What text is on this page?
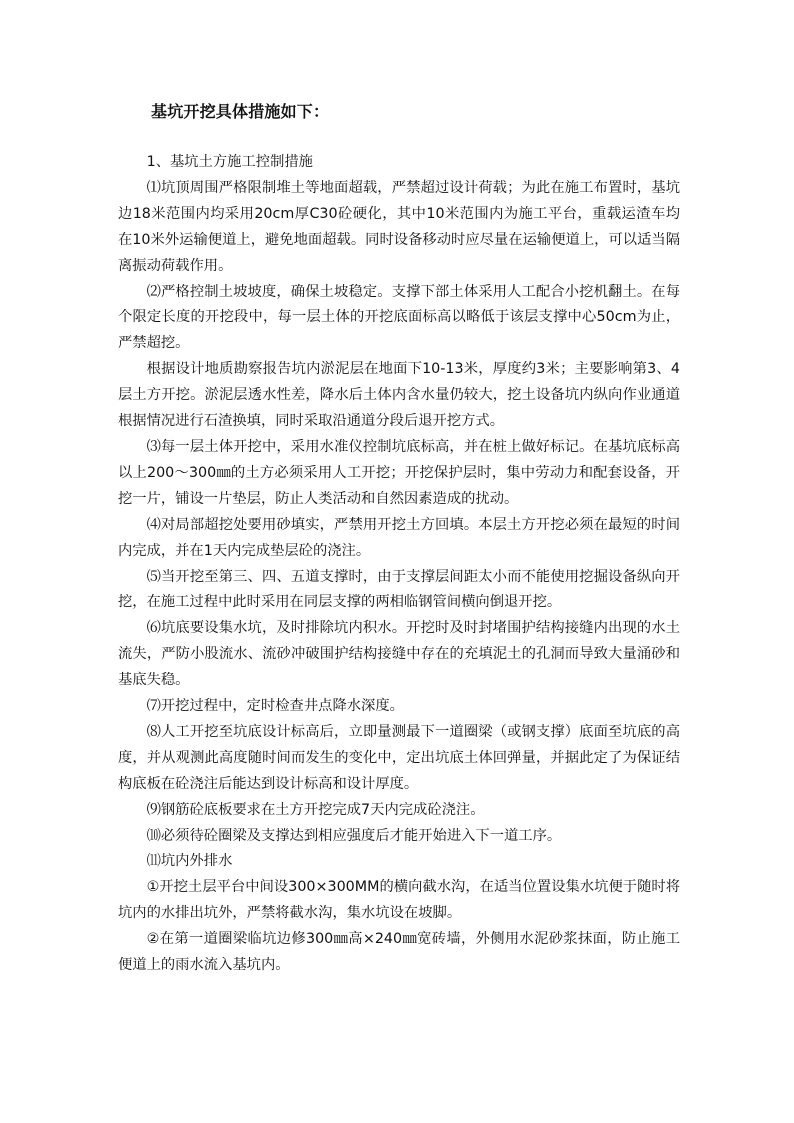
基坑开挖具体措施如下：

1、基坑土方施工控制措施

⑴坑顶周围严格限制堆土等地面超载，严禁超过设计荷载；为此在施工布置时，基坑边18米范围内均采用20cm厚C30砼硬化，其中10米范围内为施工平台，重载运渣车均在10米外运输便道上，避免地面超载。同时设备移动时应尽量在运输便道上，可以适当隔离振动荷载作用。

⑵严格控制土坡坡度，确保土坡稳定。支撑下部土体采用人工配合小挖机翻土。在每个限定长度的开挖段中，每一层土体的开挖底面标高以略低于该层支撑中心50cm为止，严禁超挖。

根据设计地质勘察报告坑内淤泥层在地面下10-13米，厚度约3米；主要影响第3、4层土方开挖。淤泥层透水性差，降水后土体内含水量仍较大，挖土设备坑内纵向作业通道根据情况进行石渣换填，同时采取沿通道分段后退开挖方式。

⑶每一层土体开挖中，采用水准仪控制坑底标高，并在桩上做好标记。在基坑底标高以上200～300㎜的土方必须采用人工开挖；开挖保护层时，集中劳动力和配套设备，开挖一片，铺设一片垫层，防止人类活动和自然因素造成的扰动。

⑷对局部超挖处要用砂填实，严禁用开挖土方回填。本层土方开挖必须在最短的时间内完成，并在1天内完成垫层砼的浇注。

⑸当开挖至第三、四、五道支撑时，由于支撑层间距太小而不能使用挖掘设备纵向开挖，在施工过程中此时采用在同层支撑的两相临钢管间横向倒退开挖。

⑹坑底要设集水坑，及时排除坑内积水。开挖时及时封堵围护结构接缝内出现的水土流失，严防小股流水、流砂冲破围护结构接缝中存在的充填泥土的孔洞而导致大量涌砂和基底失稳。

⑺开挖过程中，定时检查井点降水深度。

⑻人工开挖至坑底设计标高后，立即量测最下一道圈梁（或钢支撑）底面至坑底的高度，并从观测此高度随时间而发生的变化中，定出坑底土体回弹量，并据此定了为保证结构底板在砼浇注后能达到设计标高和设计厚度。

⑼钢筋砼底板要求在土方开挖完成7天内完成砼浇注。

⑽必须待砼圈梁及支撑达到相应强度后才能开始进入下一道工序。

⑾坑内外排水

①开挖土层平台中间设300×300MM的横向截水沟，在适当位置设集水坑便于随时将坑内的水排出坑外，严禁将截水沟，集水坑设在坡脚。

②在第一道圈梁临坑边修300㎜高×240㎜宽砖墙，外侧用水泥砂浆抹面，防止施工便道上的雨水流入基坑内。
